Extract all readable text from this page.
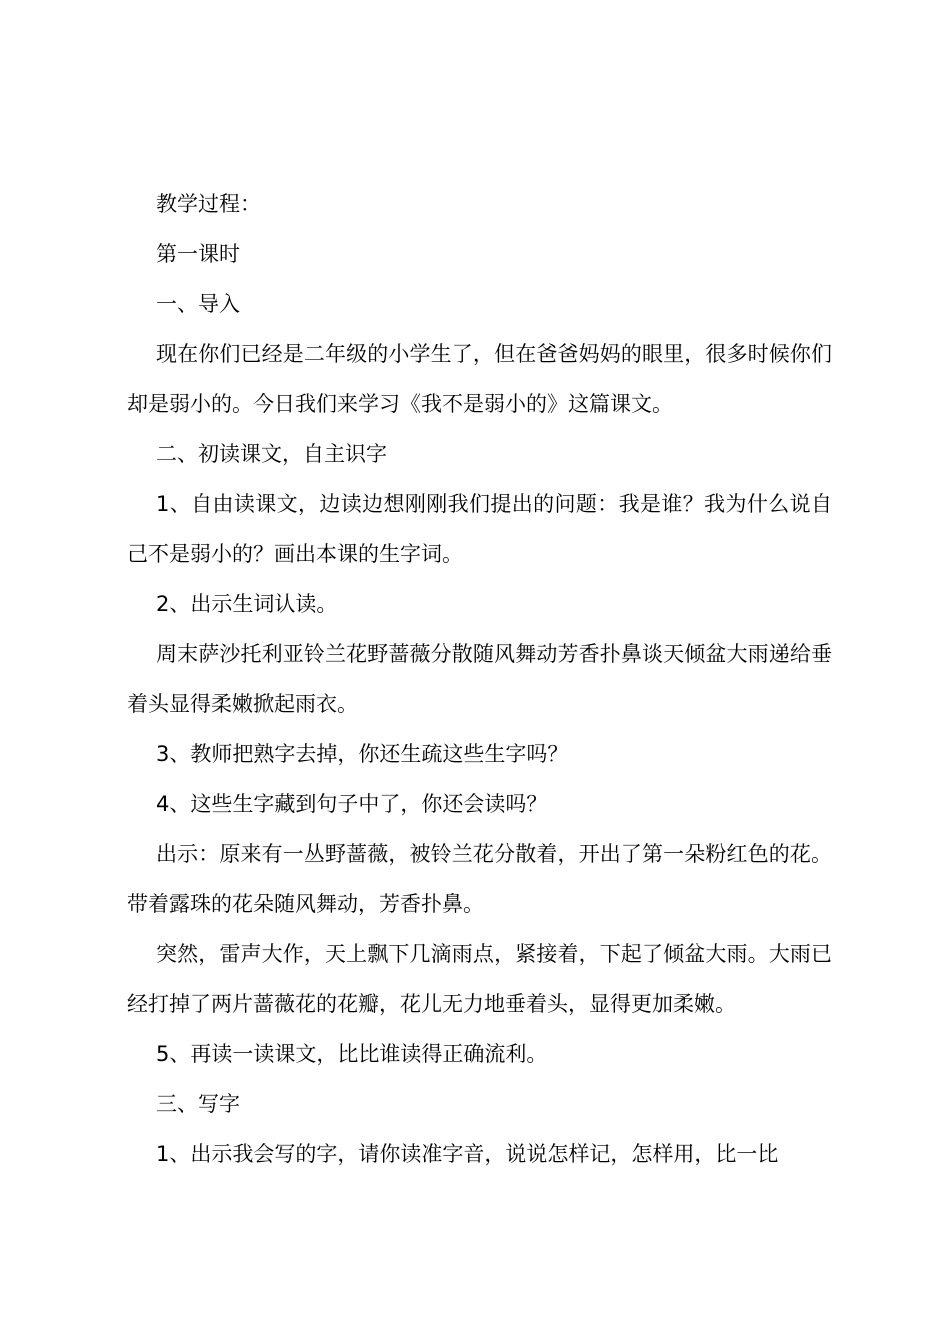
教学过程：

第一课时

一、导入

现在你们已经是二年级的小学生了，但在爸爸妈妈的眼里，很多时候你们却是弱小的。今日我们来学习《我不是弱小的》这篇课文。

二、初读课文，自主识字

1、自由读课文，边读边想刚刚我们提出的问题：我是谁？我为什么说自己不是弱小的？画出本课的生字词。

2、出示生词认读。

周末萨沙托利亚铃兰花野蔷薇分散随风舞动芳香扑鼻谈天倾盆大雨递给垂着头显得柔嫩掀起雨衣。

3、教师把熟字去掉，你还生疏这些生字吗？

4、这些生字藏到句子中了，你还会读吗？

出示：原来有一丛野蔷薇，被铃兰花分散着，开出了第一朵粉红色的花。带着露珠的花朵随风舞动，芳香扑鼻。

突然，雷声大作，天上飘下几滴雨点，紧接着，下起了倾盆大雨。大雨已经打掉了两片蔷薇花的花瓣，花儿无力地垂着头，显得更加柔嫩。

5、再读一读课文，比比谁读得正确流利。

三、写字

1、出示我会写的字，请你读准字音，说说怎样记，怎样用，比一比
